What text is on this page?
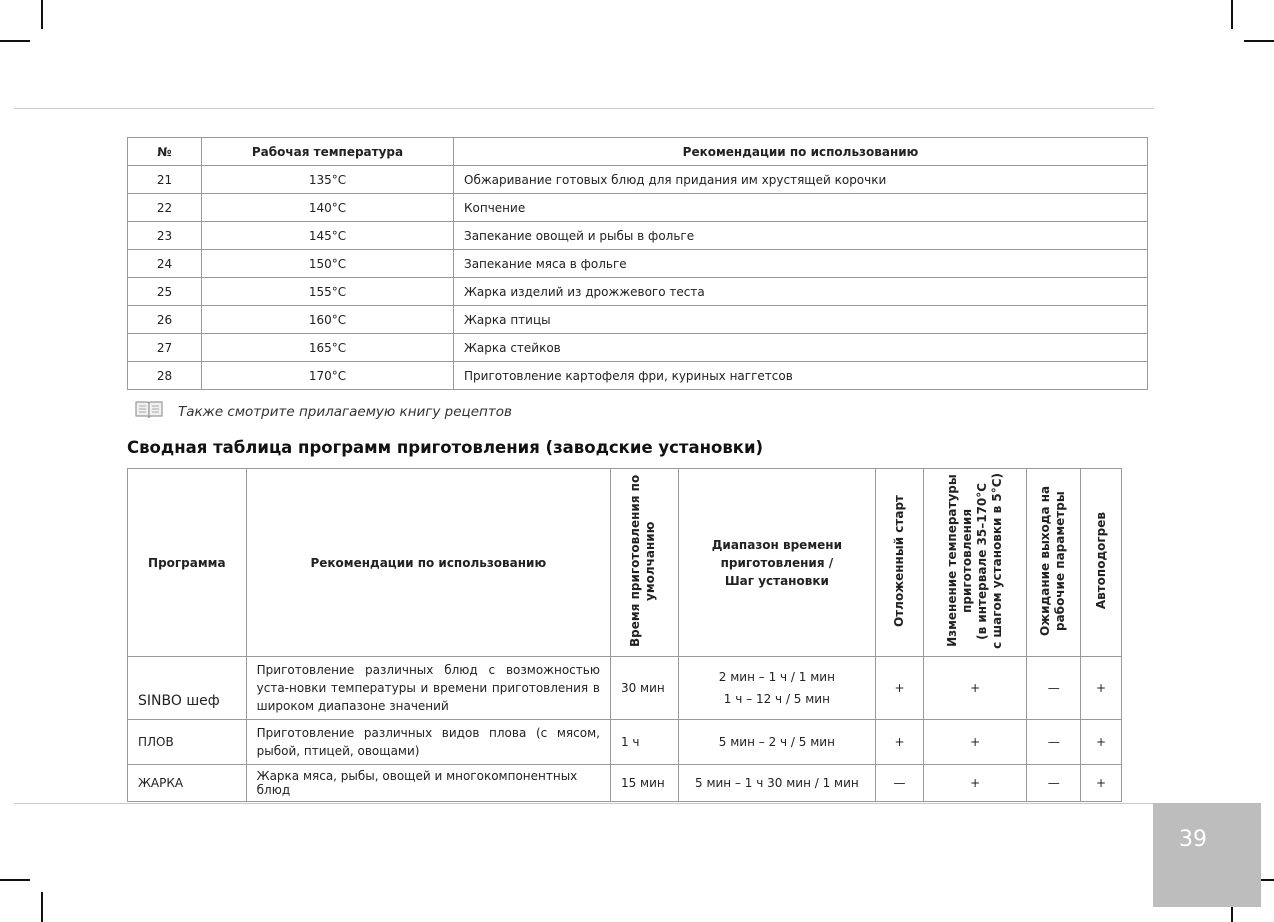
№	Рабочая температура	Рекомендации по использованию
21	135°C	Обжаривание готовых блюд для придания им хрустящей корочки
22	140°C	Копчение
23	145°C	Запекание овощей и рыбы в фольге
24	150°C	Запекание мяса в фольге
25	155°C	Жарка изделий из дрожжевого теста
26	160°C	Жарка птицы
27	165°C	Жарка стейков
28	170°C	Приготовление картофеля фри, куриных наггетсов
Также смотрите прилагаемую книгу рецептов
Сводная таблица программ приготовления (заводские установки)
Программа	Рекомендации по использованию	Время приготовления по умолчанию	Диапазон времени приготовления / Шаг установки	Отложенный старт	Изменение температуры
приготовления
(в интервале 35–170°C
с шагом установки в 5°C)	Ожидание выхода на рабочие параметры	Автоподогрев
SINBO шеф	Приготовление различных блюд с возможностью уста-новки температуры и времени приготовления в широком диапазоне значений	30 мин	2 мин – 1 ч / 1 мин
1 ч – 12 ч / 5 мин	+	+	—	+
ПЛОВ	Приготовление различных видов плова (с мясом, рыбой, птицей, овощами)	1 ч	5 мин – 2 ч / 5 мин	+	+	—	+
ЖАРКА	Жарка мяса, рыбы, овощей и многокомпонентных блюд	15 мин	5 мин – 1 ч 30 мин / 1 мин	—	+	—	+
39
